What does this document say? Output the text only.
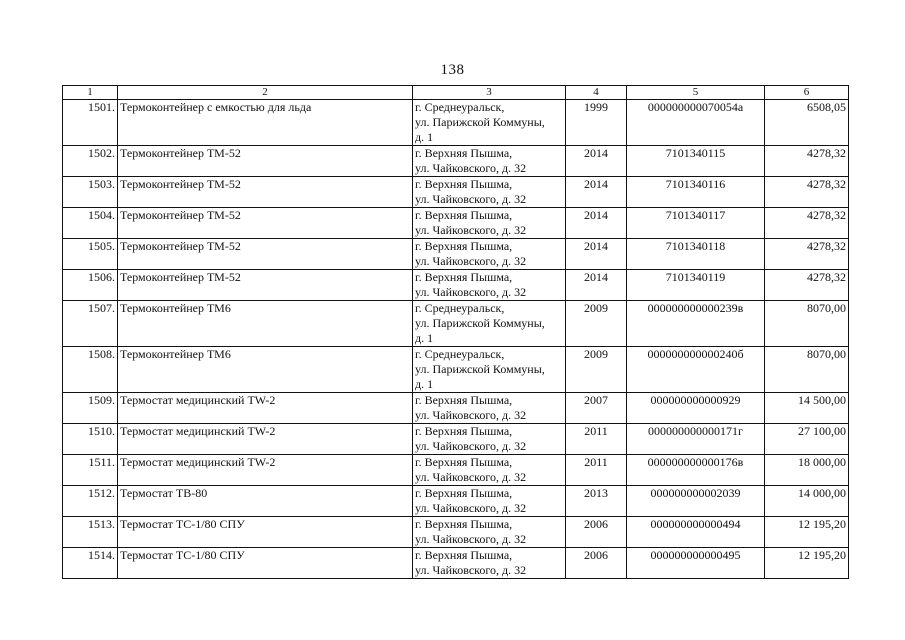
138
1	2	3	4	5	6
1501.	Термоконтейнер с емкостью для льда	г. Среднеуральск,
ул. Парижской Коммуны,
д. 1	1999	000000000070054а	6508,05
1502.	Термоконтейнер ТМ-52	г. Верхняя Пышма,
ул. Чайковского, д. 32	2014	7101340115	4278,32
1503.	Термоконтейнер ТМ-52	г. Верхняя Пышма,
ул. Чайковского, д. 32	2014	7101340116	4278,32
1504.	Термоконтейнер ТМ-52	г. Верхняя Пышма,
ул. Чайковского, д. 32	2014	7101340117	4278,32
1505.	Термоконтейнер ТМ-52	г. Верхняя Пышма,
ул. Чайковского, д. 32	2014	7101340118	4278,32
1506.	Термоконтейнер ТМ-52	г. Верхняя Пышма,
ул. Чайковского, д. 32	2014	7101340119	4278,32
1507.	Термоконтейнер ТМ6	г. Среднеуральск,
ул. Парижской Коммуны,
д. 1	2009	000000000000239в	8070,00
1508.	Термоконтейнер ТМ6	г. Среднеуральск,
ул. Парижской Коммуны,
д. 1	2009	000000000000240б	8070,00
1509.	Термостат медицинский TW-2	г. Верхняя Пышма,
ул. Чайковского, д. 32	2007	000000000000929	14 500,00
1510.	Термостат медицинский TW-2	г. Верхняя Пышма,
ул. Чайковского, д. 32	2011	000000000000171г	27 100,00
1511.	Термостат медицинский TW-2	г. Верхняя Пышма,
ул. Чайковского, д. 32	2011	000000000000176в	18 000,00
1512.	Термостат ТВ-80	г. Верхняя Пышма,
ул. Чайковского, д. 32	2013	000000000002039	14 000,00
1513.	Термостат ТС-1/80 СПУ	г. Верхняя Пышма,
ул. Чайковского, д. 32	2006	000000000000494	12 195,20
1514.	Термостат ТС-1/80 СПУ	г. Верхняя Пышма,
ул. Чайковского, д. 32	2006	000000000000495	12 195,20
